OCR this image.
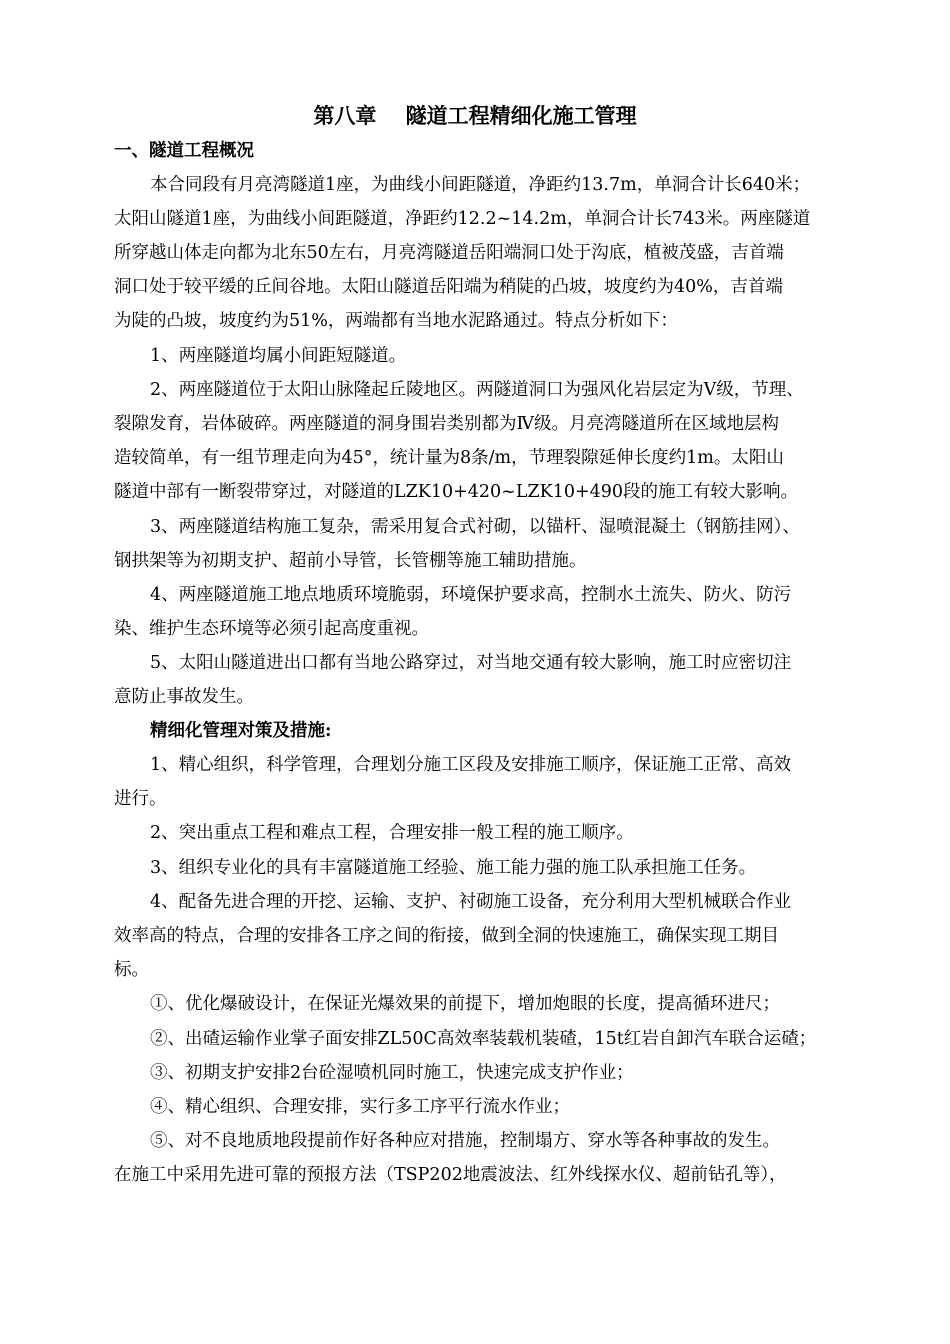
第八章    隧道工程精细化施工管理
一、隧道工程概况
本合同段有月亮湾隧道1座，为曲线小间距隧道，净距约13.7m，单洞合计长640米；
太阳山隧道1座，为曲线小间距隧道，净距约12.2~14.2m，单洞合计长743米。两座隧道
所穿越山体走向都为北东50左右，月亮湾隧道岳阳端洞口处于沟底，植被茂盛，吉首端
洞口处于较平缓的丘间谷地。太阳山隧道岳阳端为稍陡的凸坡，坡度约为40%，吉首端
为陡的凸坡，坡度约为51%，两端都有当地水泥路通过。特点分析如下：
1、两座隧道均属小间距短隧道。
2、两座隧道位于太阳山脉隆起丘陵地区。两隧道洞口为强风化岩层定为Ⅴ级，节理、
裂隙发育，岩体破碎。两座隧道的洞身围岩类别都为Ⅳ级。月亮湾隧道所在区域地层构
造较简单，有一组节理走向为45°，统计量为8条/m，节理裂隙延伸长度约1m。太阳山
隧道中部有一断裂带穿过，对隧道的LZK10+420~LZK10+490段的施工有较大影响。
3、两座隧道结构施工复杂，需采用复合式衬砌，以锚杆、湿喷混凝土（钢筋挂网）、
钢拱架等为初期支护、超前小导管，长管棚等施工辅助措施。
4、两座隧道施工地点地质环境脆弱，环境保护要求高，控制水土流失、防火、防污
染、维护生态环境等必须引起高度重视。
5、太阳山隧道进出口都有当地公路穿过，对当地交通有较大影响，施工时应密切注
意防止事故发生。
精细化管理对策及措施:
1、精心组织，科学管理，合理划分施工区段及安排施工顺序，保证施工正常、高效
进行。
2、突出重点工程和难点工程，合理安排一般工程的施工顺序。
3、组织专业化的具有丰富隧道施工经验、施工能力强的施工队承担施工任务。
4、配备先进合理的开挖、运输、支护、衬砌施工设备，充分利用大型机械联合作业
效率高的特点，合理的安排各工序之间的衔接，做到全洞的快速施工，确保实现工期目
标。
①、优化爆破设计，在保证光爆效果的前提下，增加炮眼的长度，提高循环进尺；
②、出碴运输作业掌子面安排ZL50C高效率装载机装碴，15t红岩自卸汽车联合运碴；
③、初期支护安排2台砼湿喷机同时施工，快速完成支护作业；
④、精心组织、合理安排，实行多工序平行流水作业；
⑤、对不良地质地段提前作好各种应对措施，控制塌方、穿水等各种事故的发生。
在施工中采用先进可靠的预报方法（TSP202地震波法、红外线探水仪、超前钻孔等），
